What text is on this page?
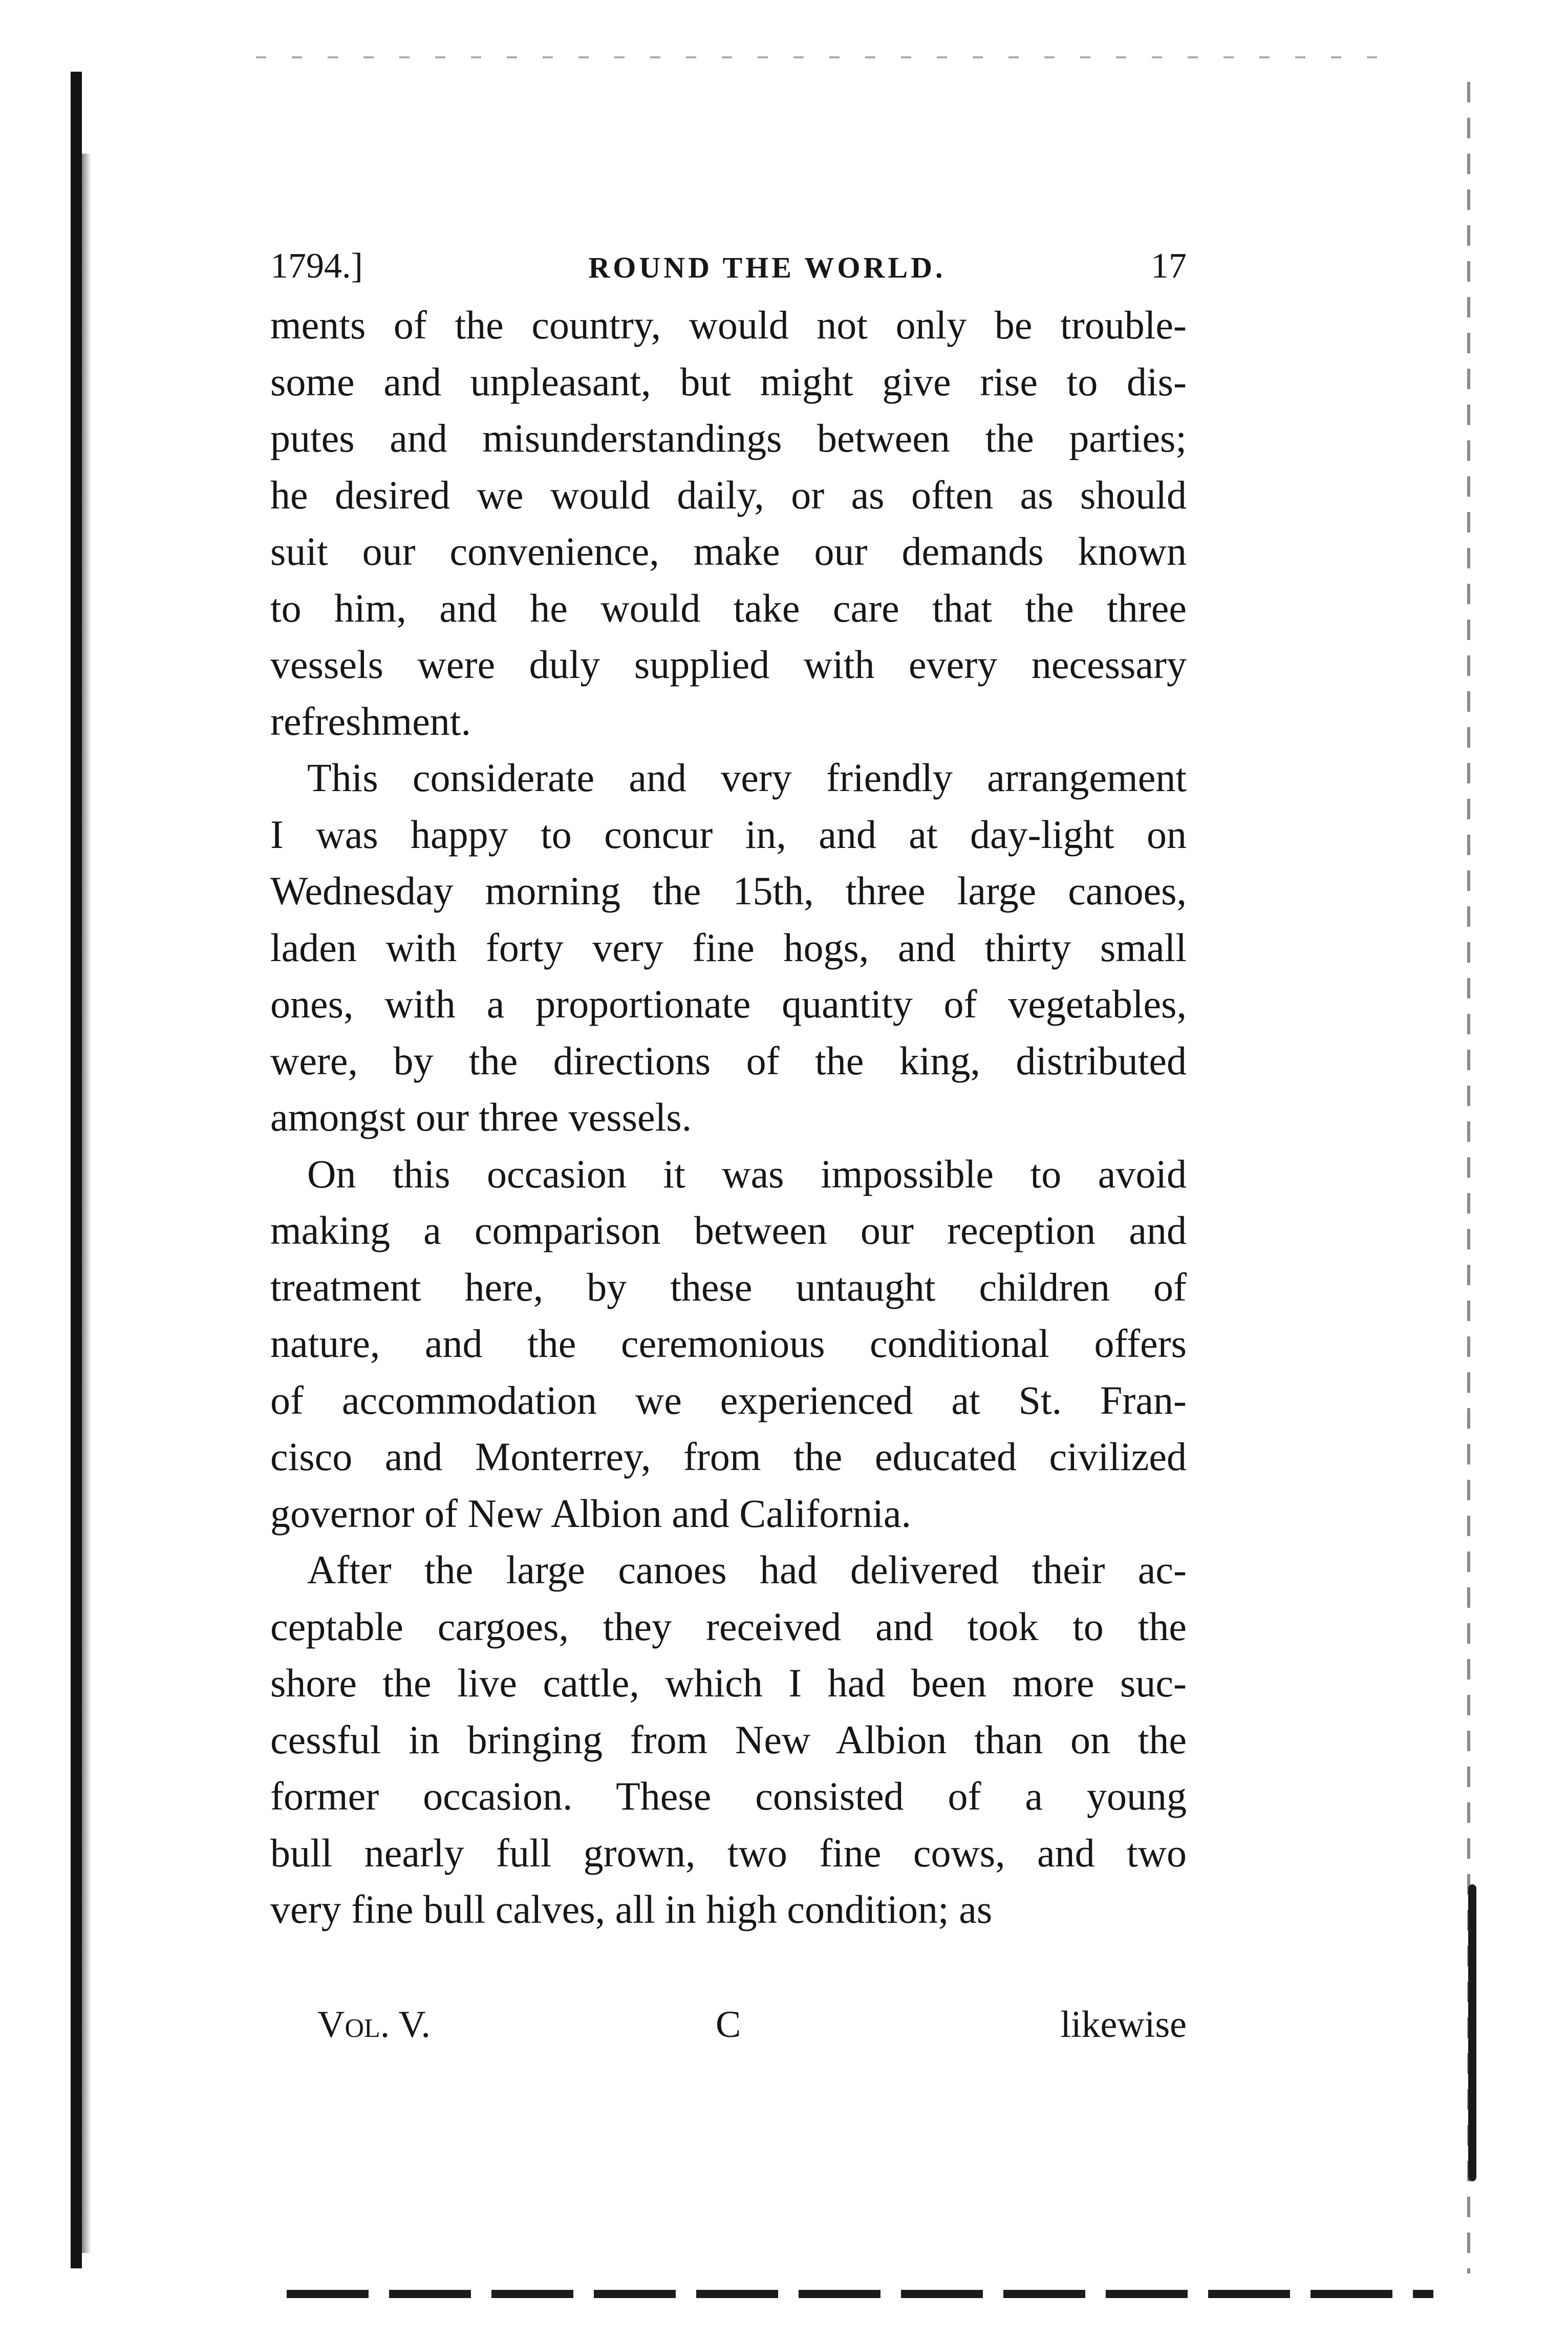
1794.]	ROUND THE WORLD.	17
ments of the country, would not only be trouble-
some and unpleasant, but might give rise to dis-
putes and misunderstandings between the parties;
he desired we would daily, or as often as should
suit our convenience, make our demands known
to him, and he would take care that the three
vessels were duly supplied with every necessary
refreshment.
This considerate and very friendly arrangement
I was happy to concur in, and at day-light on
Wednesday morning the 15th, three large canoes,
laden with forty very fine hogs, and thirty small
ones, with a proportionate quantity of vegetables,
were, by the directions of the king, distributed
amongst our three vessels.
On this occasion it was impossible to avoid
making a comparison between our reception and
treatment here, by these untaught children of
nature, and the ceremonious conditional offers
of accommodation we experienced at St. Fran-
cisco and Monterrey, from the educated civilized
governor of New Albion and California.
After the large canoes had delivered their ac-
ceptable cargoes, they received and took to the
shore the live cattle, which I had been more suc-
cessful in bringing from New Albion than on the
former occasion. These consisted of a young
bull nearly full grown, two fine cows, and two
very fine bull calves, all in high condition; as
Vol. V.	C	likewise
